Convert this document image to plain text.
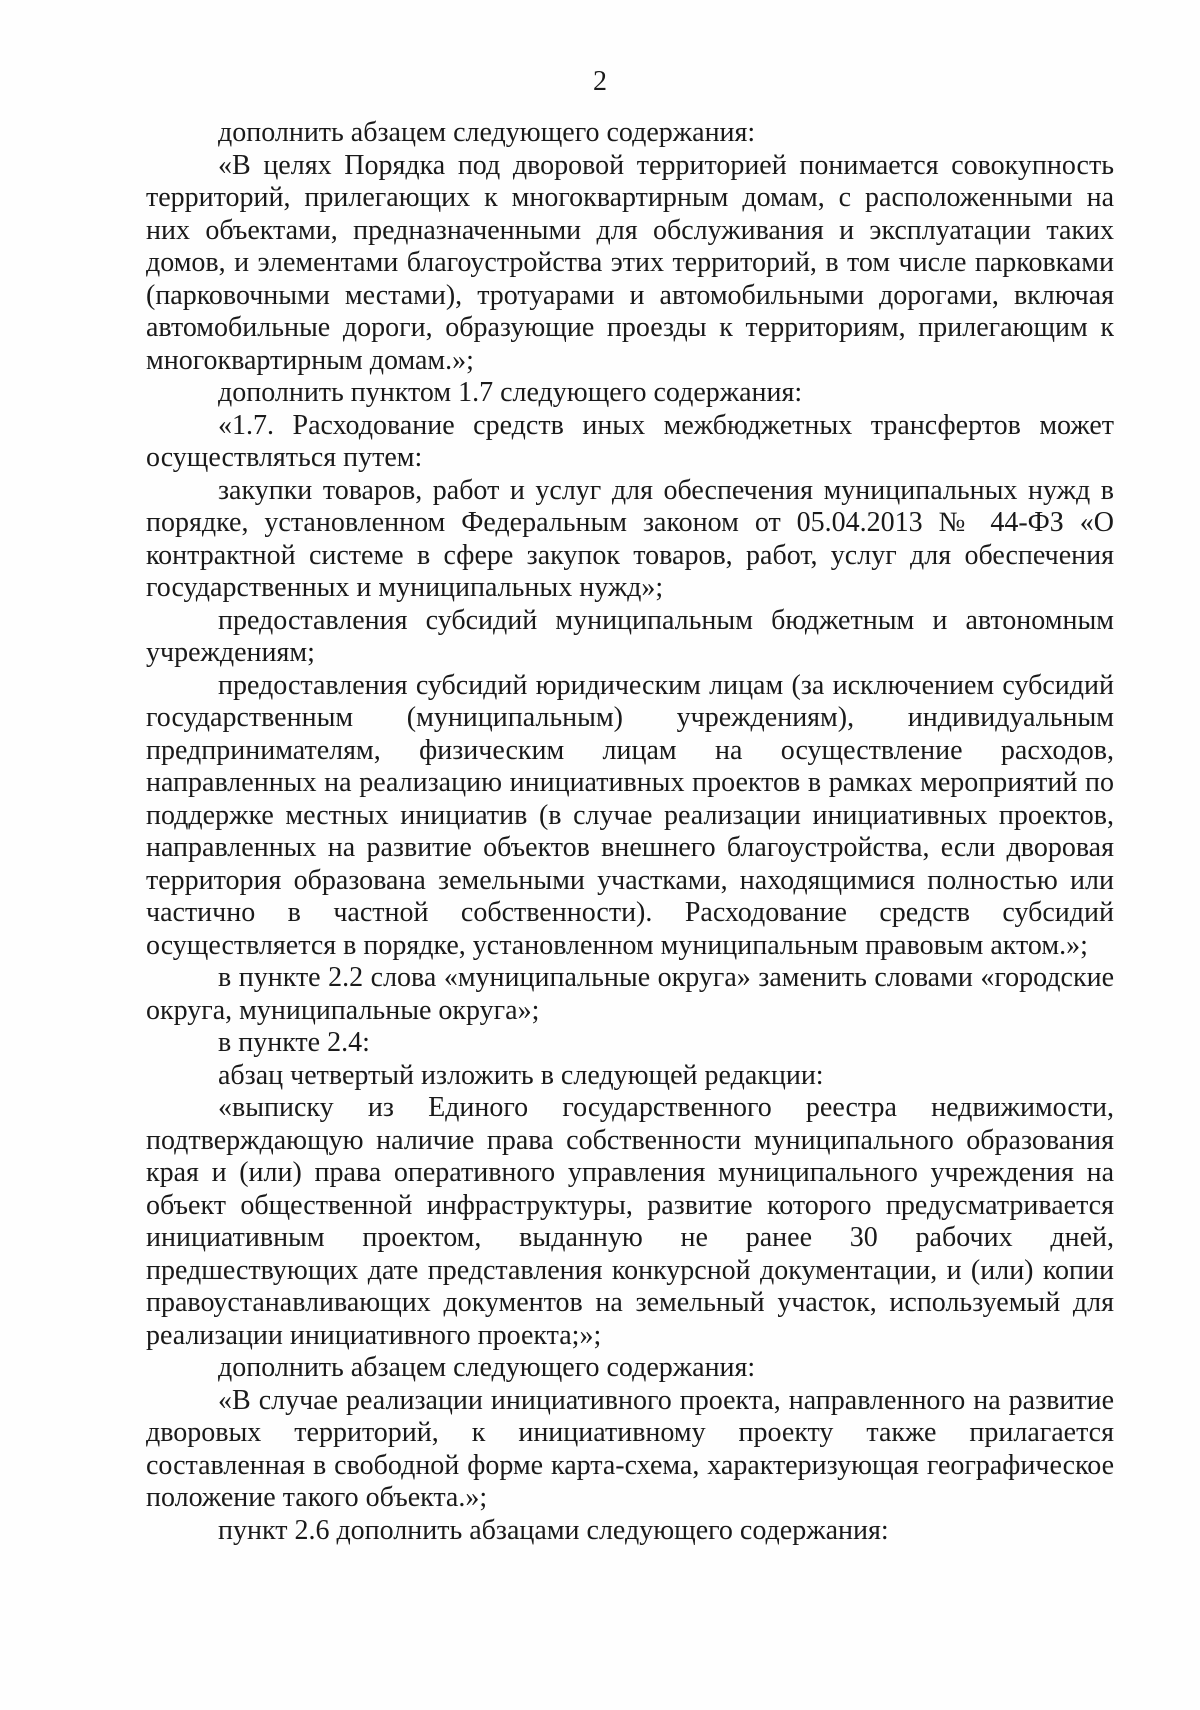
2

дополнить абзацем следующего содержания:

«В целях Порядка под дворовой территорией понимается совокупность территорий, прилегающих к многоквартирным домам, с расположенными на них объектами, предназначенными для обслуживания и эксплуатации таких домов, и элементами благоустройства этих территорий, в том числе парковками (парковочными местами), тротуарами и автомобильными дорогами, включая автомобильные дороги, образующие проезды к территориям, прилегающим к многоквартирным домам.»;

дополнить пунктом 1.7 следующего содержания:

«1.7. Расходование средств иных межбюджетных трансфертов может осуществляться путем:

закупки товаров, работ и услуг для обеспечения муниципальных нужд в порядке, установленном Федеральным законом от 05.04.2013 № 44-ФЗ «О контрактной системе в сфере закупок товаров, работ, услуг для обеспечения государственных и муниципальных нужд»;

предоставления субсидий муниципальным бюджетным и автономным учреждениям;

предоставления субсидий юридическим лицам (за исключением субсидий государственным (муниципальным) учреждениям), индивидуальным предпринимателям, физическим лицам на осуществление расходов, направленных на реализацию инициативных проектов в рамках мероприятий по поддержке местных инициатив (в случае реализации инициативных проектов, направленных на развитие объектов внешнего благоустройства, если дворовая территория образована земельными участками, находящимися полностью или частично в частной собственности). Расходование средств субсидий осуществляется в порядке, установленном муниципальным правовым актом.»;

в пункте 2.2 слова «муниципальные округа» заменить словами «городские округа, муниципальные округа»;

в пункте 2.4:

абзац четвертый изложить в следующей редакции:

«выписку из Единого государственного реестра недвижимости, подтверждающую наличие права собственности муниципального образования края и (или) права оперативного управления муниципального учреждения на объект общественной инфраструктуры, развитие которого предусматривается инициативным проектом, выданную не ранее 30 рабочих дней, предшествующих дате представления конкурсной документации, и (или) копии правоустанавливающих документов на земельный участок, используемый для реализации инициативного проекта;»;

дополнить абзацем следующего содержания:

«В случае реализации инициативного проекта, направленного на развитие дворовых территорий, к инициативному проекту также прилагается составленная в свободной форме карта-схема, характеризующая географическое положение такого объекта.»;

пункт 2.6 дополнить абзацами следующего содержания:
